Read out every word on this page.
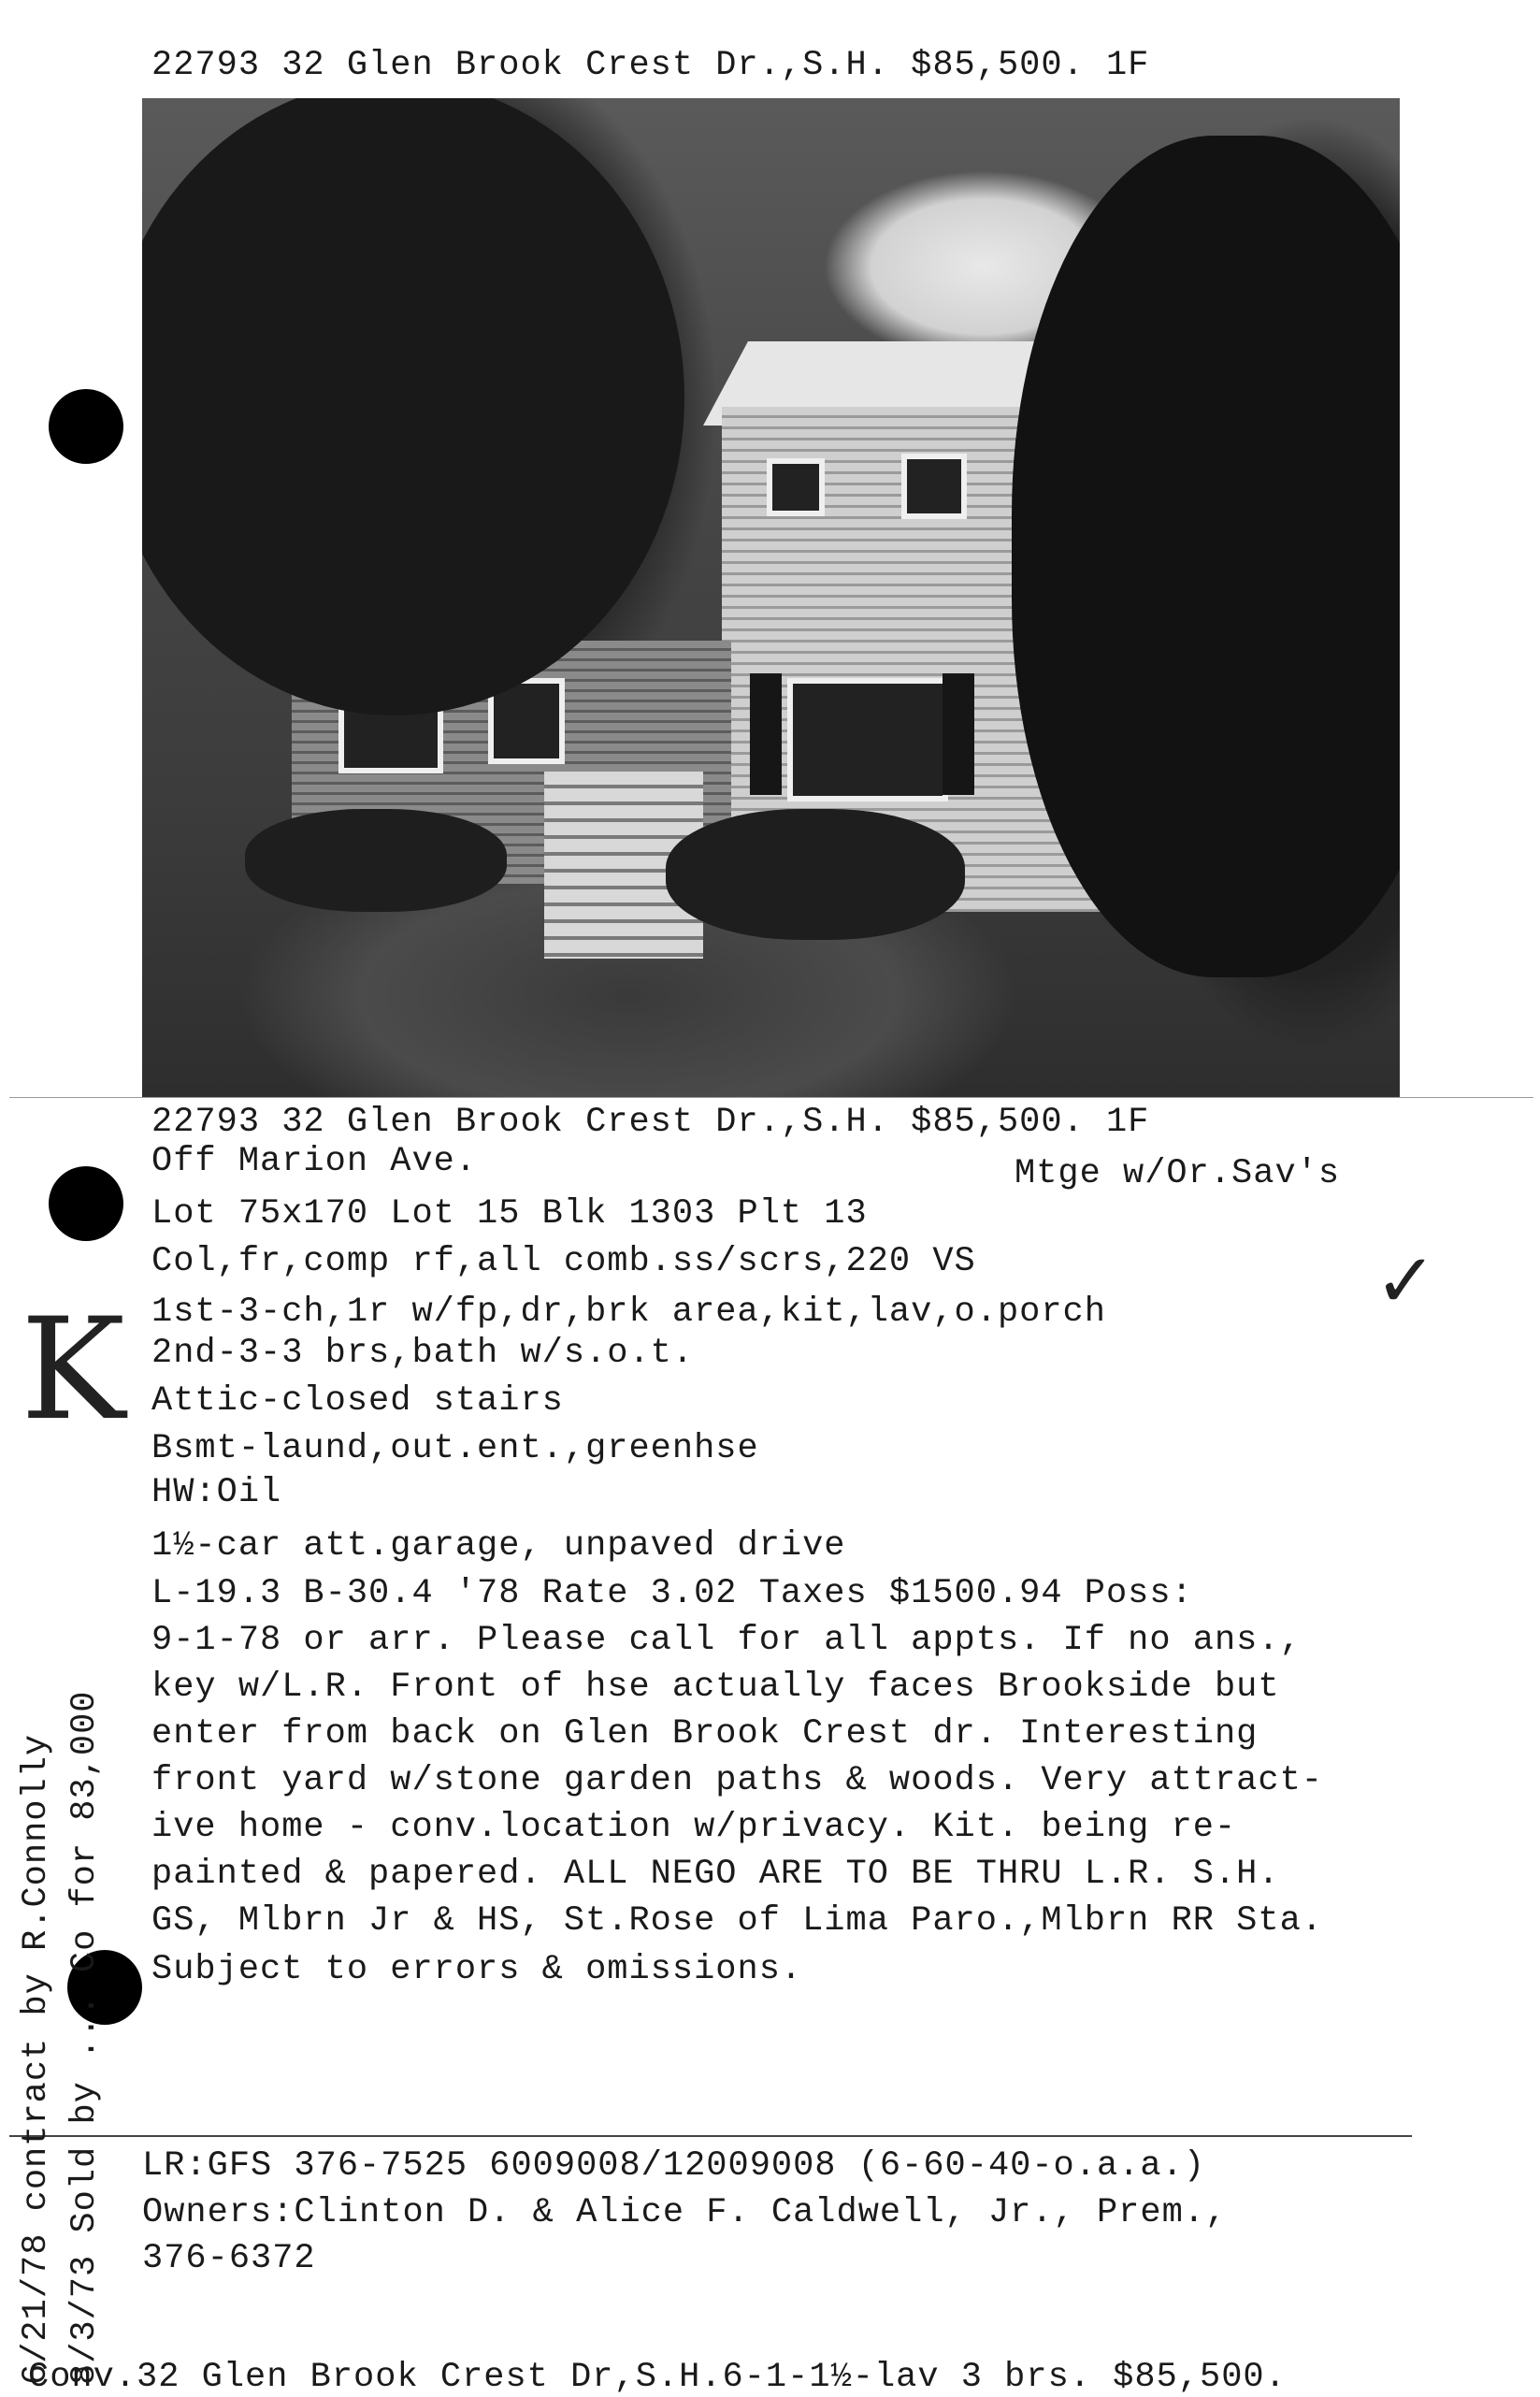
22793 32 Glen Brook Crest Dr.,S.H. $85,500. 1F
22793 32 Glen Brook Crest Dr.,S.H. $85,500. 1F
Off Marion Ave.	Mtge w/Or.Sav's
Lot 75x170 Lot 15 Blk 1303 Plt 13
Col,fr,comp rf,all comb.ss/scrs,220 VS
1st-3-ch,1r w/fp,dr,brk area,kit,lav,o.porch
2nd-3-3 brs,bath w/s.o.t.
Attic-closed stairs
Bsmt-laund,out.ent.,greenhse
HW:Oil
1½-car att.garage, unpaved drive
L-19.3 B-30.4 '78 Rate 3.02 Taxes $1500.94 Poss:
9-1-78 or arr. Please call for all appts. If no ans.,
key w/L.R. Front of hse actually faces Brookside but
enter from back on Glen Brook Crest dr. Interesting
front yard w/stone garden paths & woods. Very attract-
ive home - conv.location w/privacy. Kit. being re-
painted & papered. ALL NEGO ARE TO BE THRU L.R. S.H.
GS, Mlbrn Jr & HS, St.Rose of Lima Paro.,Mlbrn RR Sta.
Subject to errors & omissions.
LR:GFS 376-7525 6009008/12009008 (6-60-40-o.a.a.)
Owners:Clinton D. & Alice F. Caldwell, Jr., Prem.,
376-6372
Conv.32 Glen Brook Crest Dr,S.H.6-1-1½-lav 3 brs. $85,500.
K
✓
6/21/78 contract by R.Connolly 8/3/73 Sold by ... Co for 83,000
